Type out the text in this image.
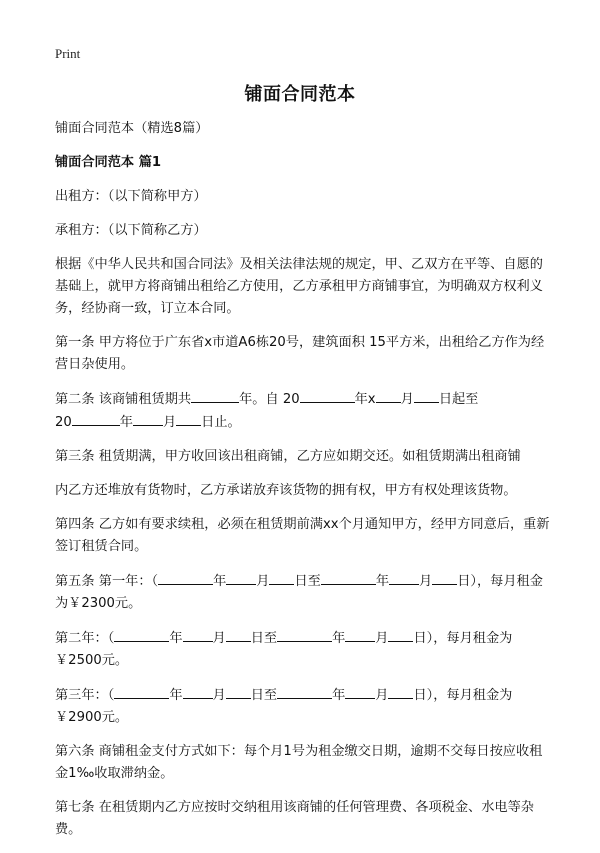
Print
铺面合同范本

铺面合同范本（精选8篇）

铺面合同范本 篇1

出租方：（以下简称甲方）

承租方：（以下简称乙方）

根据《中华人民共和国合同法》及相关法律法规的规定，甲、乙双方在平等、自愿的基础上，就甲方将商铺出租给乙方使用，乙方承租甲方商铺事宜，为明确双方权利义务，经协商一致，订立本合同。

第一条 甲方将位于广东省x市道A6栋20号，建筑面积 15平方米，出租给乙方作为经营日杂使用。

第二条 该商铺租赁期共	年。自 20	年x 月 日起至
20	年 月 日止。

第三条 租赁期满，甲方收回该出租商铺，乙方应如期交还。如租赁期满出租商铺

内乙方还堆放有货物时，乙方承诺放弃该货物的拥有权，甲方有权处理该货物。

第四条 乙方如有要求续租，必须在租赁期前满xx个月通知甲方，经甲方同意后，重新签订租赁合同。

第五条 第一年：（	年 月 日至	年 月 日），每月租金为￥2300元。

第二年：（	年 月 日至	年 月 日），每月租金为￥2500元。

第三年：（	年 月 日至	年 月 日），每月租金为￥2900元。

第六条 商铺租金支付方式如下：每个月1号为租金缴交日期，逾期不交每日按应收租金1‰收取滞纳金。

第七条 在租赁期内乙方应按时交纳租用该商铺的任何管理费、各项税金、水电等杂费。
